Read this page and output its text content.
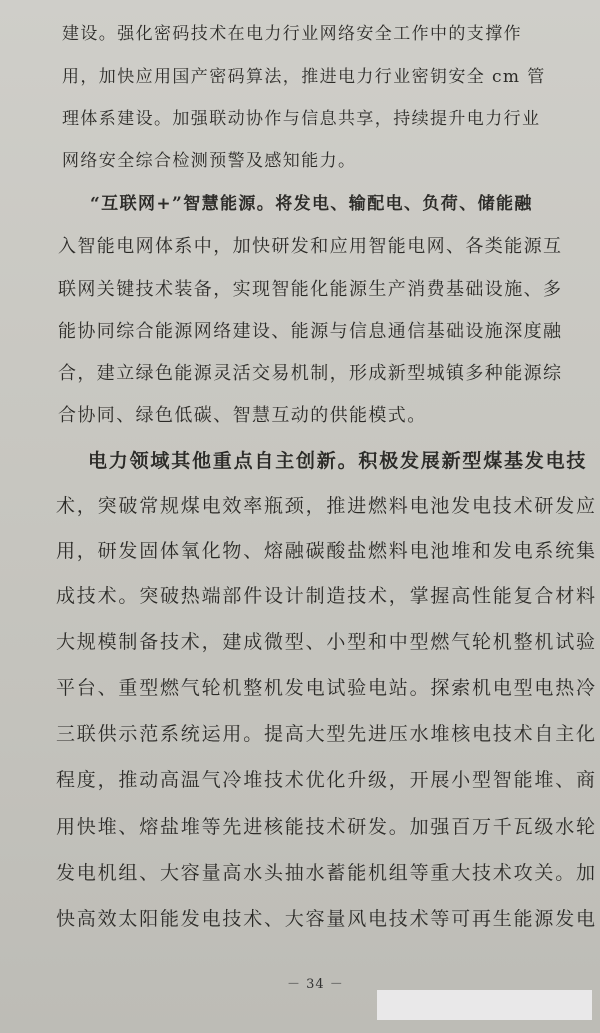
建设。强化密码技术在电力行业网络安全工作中的支撑作
用，加快应用国产密码算法，推进电力行业密钥安全 cm 管
理体系建设。加强联动协作与信息共享，持续提升电力行业
网络安全综合检测预警及感知能力。
“互联网+”智慧能源。将发电、输配电、负荷、储能融
入智能电网体系中，加快研发和应用智能电网、各类能源互
联网关键技术装备，实现智能化能源生产消费基础设施、多
能协同综合能源网络建设、能源与信息通信基础设施深度融
合，建立绿色能源灵活交易机制，形成新型城镇多种能源综
合协同、绿色低碳、智慧互动的供能模式。
电力领域其他重点自主创新。积极发展新型煤基发电技
术，突破常规煤电效率瓶颈，推进燃料电池发电技术研发应
用，研发固体氧化物、熔融碳酸盐燃料电池堆和发电系统集
成技术。突破热端部件设计制造技术，掌握高性能复合材料
大规模制备技术，建成微型、小型和中型燃气轮机整机试验
平台、重型燃气轮机整机发电试验电站。探索机电型电热冷
三联供示范系统运用。提高大型先进压水堆核电技术自主化
程度，推动高温气冷堆技术优化升级，开展小型智能堆、商
用快堆、熔盐堆等先进核能技术研发。加强百万千瓦级水轮
发电机组、大容量高水头抽水蓄能机组等重大技术攻关。加
快高效太阳能发电技术、大容量风电技术等可再生能源发电
－ 34 －
